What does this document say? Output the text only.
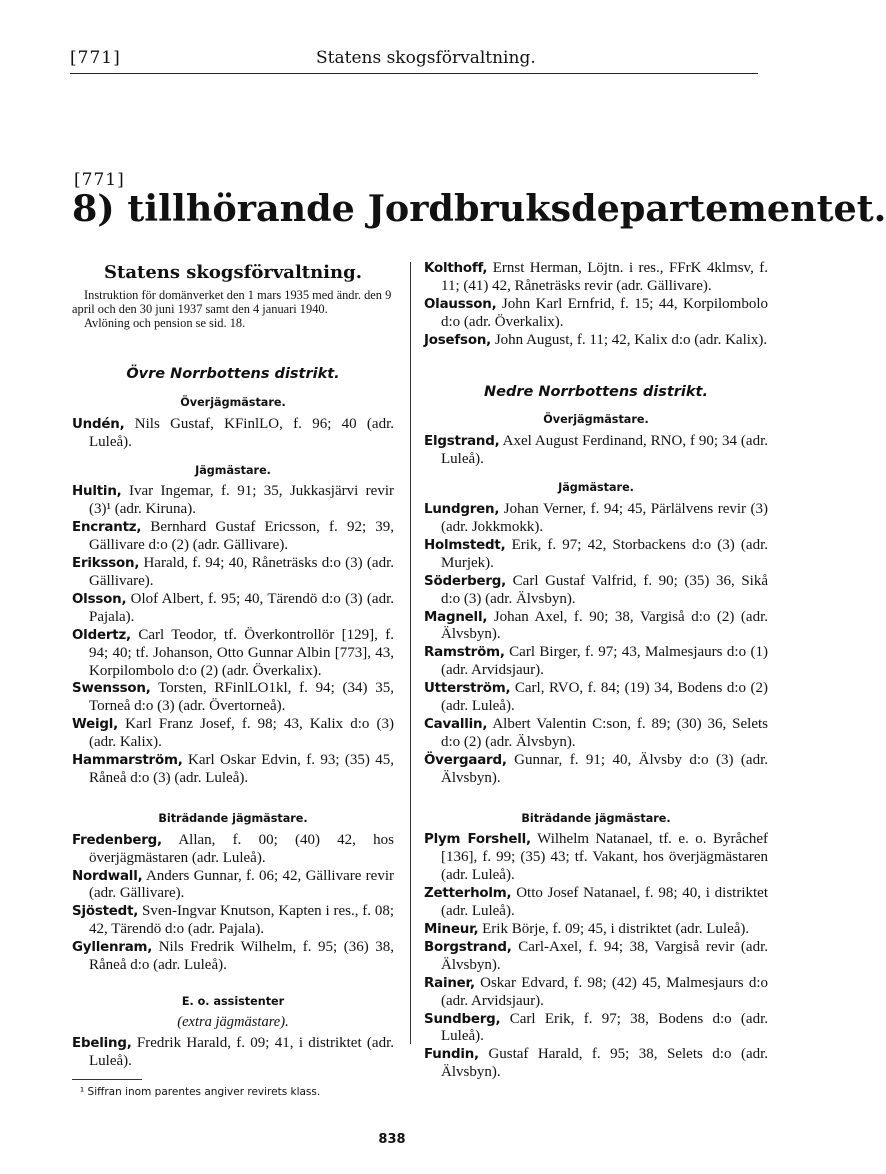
[771]	Statens skogsförvaltning.
[771]
8) tillhörande Jordbruksdepartementet.
Statens skogsförvaltning.

Instruktion för domänverket den 1 mars 1935 med ändr. den 9 april och den 30 juni 1937 samt den 4 januari 1940.

Avlöning och pension se sid. 18.

Övre Norrbottens distrikt.
Överjägmästare.

Undén, Nils Gustaf, KFinlLO, f. 96; 40 (adr. Luleå).

Jägmästare.

Hultin, Ivar Ingemar, f. 91; 35, Jukkasjärvi revir (3)¹ (adr. Kiruna).

Encrantz, Bernhard Gustaf Ericsson, f. 92; 39, Gällivare d:o (2) (adr. Gällivare).

Eriksson, Harald, f. 94; 40, Råneträsks d:o (3) (adr. Gällivare).

Olsson, Olof Albert, f. 95; 40, Tärendö d:o (3) (adr. Pajala).

Oldertz, Carl Teodor, tf. Överkontrollör [129], f. 94; 40; tf. Johanson, Otto Gunnar Albin [773], 43, Korpilombolo d:o (2) (adr. Överkalix).

Swensson, Torsten, RFinlLO1kl, f. 94; (34) 35, Torneå d:o (3) (adr. Övertorneå).

Weigl, Karl Franz Josef, f. 98; 43, Kalix d:o (3) (adr. Kalix).

Hammarström, Karl Oskar Edvin, f. 93; (35) 45, Råneå d:o (3) (adr. Luleå).

Biträdande jägmästare.

Fredenberg, Allan, f. 00; (40) 42, hos överjägmästaren (adr. Luleå).

Nordwall, Anders Gunnar, f. 06; 42, Gällivare revir (adr. Gällivare).

Sjöstedt, Sven-Ingvar Knutson, Kapten i res., f. 08; 42, Tärendö d:o (adr. Pajala).

Gyllenram, Nils Fredrik Wilhelm, f. 95; (36) 38, Råneå d:o (adr. Luleå).

E. o. assistenter
(extra jägmästare).

Ebeling, Fredrik Harald, f. 09; 41, i distriktet (adr. Luleå).

¹ Siffran inom parentes angiver revirets klass.

Kolthoff, Ernst Herman, Löjtn. i res., FFrK 4klmsv, f. 11; (41) 42, Råneträsks revir (adr. Gällivare).

Olausson, John Karl Ernfrid, f. 15; 44, Korpilombolo d:o (adr. Överkalix).

Josefson, John August, f. 11; 42, Kalix d:o (adr. Kalix).

Nedre Norrbottens distrikt.
Överjägmästare.

Elgstrand, Axel August Ferdinand, RNO, f 90; 34 (adr. Luleå).

Jägmästare.

Lundgren, Johan Verner, f. 94; 45, Pärlälvens revir (3) (adr. Jokkmokk).

Holmstedt, Erik, f. 97; 42, Storbackens d:o (3) (adr. Murjek).

Söderberg, Carl Gustaf Valfrid, f. 90; (35) 36, Sikå d:o (3) (adr. Älvsbyn).

Magnell, Johan Axel, f. 90; 38, Vargiså d:o (2) (adr. Älvsbyn).

Ramström, Carl Birger, f. 97; 43, Malmesjaurs d:o (1) (adr. Arvidsjaur).

Utterström, Carl, RVO, f. 84; (19) 34, Bodens d:o (2) (adr. Luleå).

Cavallin, Albert Valentin C:son, f. 89; (30) 36, Selets d:o (2) (adr. Älvsbyn).

Övergaard, Gunnar, f. 91; 40, Älvsby d:o (3) (adr. Älvsbyn).

Biträdande jägmästare.

Plym Forshell, Wilhelm Natanael, tf. e. o. Byråchef [136], f. 99; (35) 43; tf. Vakant, hos överjägmästaren (adr. Luleå).

Zetterholm, Otto Josef Natanael, f. 98; 40, i distriktet (adr. Luleå).

Mineur, Erik Börje, f. 09; 45, i distriktet (adr. Luleå).

Borgstrand, Carl-Axel, f. 94; 38, Vargiså revir (adr. Älvsbyn).

Rainer, Oskar Edvard, f. 98; (42) 45, Malmesjaurs d:o (adr. Arvidsjaur).

Sundberg, Carl Erik, f. 97; 38, Bodens d:o (adr. Luleå).

Fundin, Gustaf Harald, f. 95; 38, Selets d:o (adr. Älvsbyn).

838
